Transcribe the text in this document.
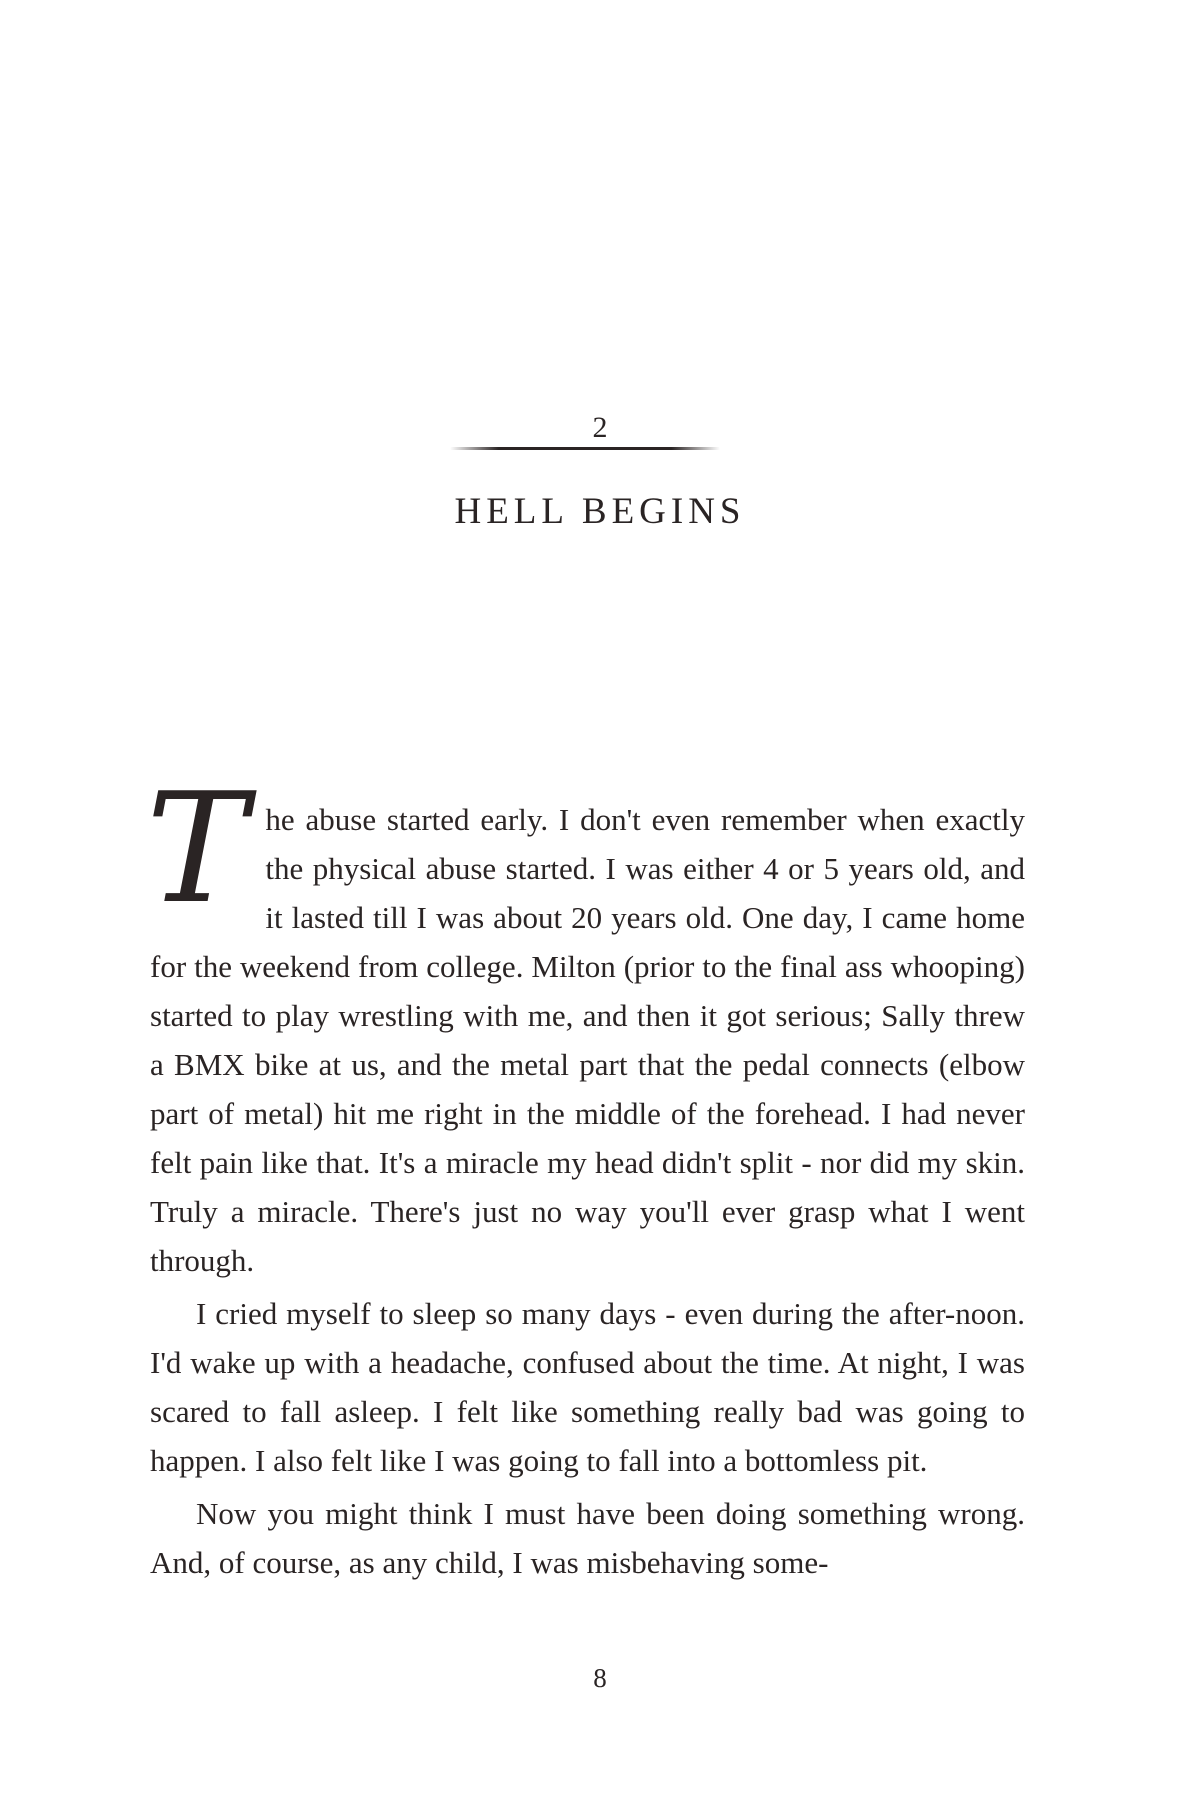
2
HELL BEGINS

The abuse started early. I don't even remember when exactly the physical abuse started. I was either 4 or 5 years old, and it lasted till I was about 20 years old. One day, I came home for the weekend from college. Milton (prior to the final ass whooping) started to play wrestling with me, and then it got serious; Sally threw a BMX bike at us, and the metal part that the pedal connects (elbow part of metal) hit me right in the middle of the forehead. I had never felt pain like that. It's a miracle my head didn't split - nor did my skin. Truly a miracle. There's just no way you'll ever grasp what I went through.

I cried myself to sleep so many days - even during the after-noon. I'd wake up with a headache, confused about the time. At night, I was scared to fall asleep. I felt like something really bad was going to happen. I also felt like I was going to fall into a bottomless pit.

Now you might think I must have been doing something wrong. And, of course, as any child, I was misbehaving some-

8
